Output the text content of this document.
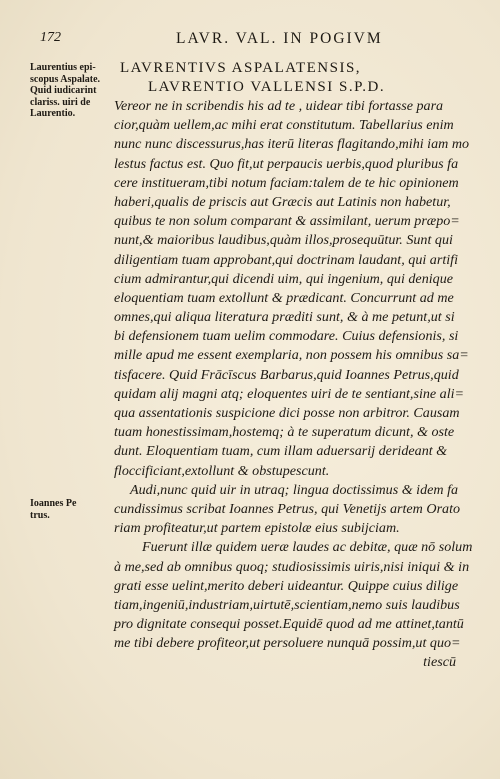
172	LAVR. VAL. IN POGIVM
Laurentius epi-
scopus Aspalate.
Quid iudicarint
clariss. uiri de
Laurentio.
LAVRENTIVS ASPALATENSIS,
LAVRENTIO VALLENSI S.P.D.
Ioannes Pe
trus.
Vereor ne in scribendis his ad te , uidear tibi fortasse para
cior,quàm uellem,ac mihi erat constitutum. Tabellarius enim
nunc nunc discessurus,has iterū literas flagitando,mihi iam mo
lestus factus est. Quo fit,ut perpaucis uerbis,quod pluribus fa
cere institueram,tibi notum faciam:talem de te hic opinionem
haberi,qualis de priscis aut Græcis aut Latinis non habetur,
quibus te non solum comparant & assimilant, uerum præpo=
nunt,& maioribus laudibus,quàm illos,prosequūtur. Sunt qui
diligentiam tuam approbant,qui doctrinam laudant, qui artifi
cium admirantur,qui dicendi uim, qui ingenium, qui denique
eloquentiam tuam extollunt & prædicant. Concurrunt ad me
omnes,qui aliqua literatura præditi sunt, & à me petunt,ut si
bi defensionem tuam uelim commodare. Cuius defensionis, si
mille apud me essent exemplaria, non possem his omnibus sa=
tisfacere. Quid Frācīscus Barbarus,quid Ioannes Petrus,quid
quidam alij magni atq; eloquentes uiri de te sentiant,sine ali=
qua assentationis suspicione dici posse non arbitror. Causam
tuam honestissimam,hostemq; à te superatum dicunt, & oste
dunt. Eloquentiam tuam, cum illam aduersarij derideant &
floccificiant,extollunt & obstupescunt.
Audi,nunc quid uir in utraq; lingua doctissimus & idem fa
cundissimus scribat Ioannes Petrus, qui Venetijs artem Orato
riam profiteatur,ut partem epistolæ eius subijciam.
Fuerunt illæ quidem ueræ laudes ac debitæ, quæ nō solum
à me,sed ab omnibus quoq; studiosissimis uiris,nisi iniqui & in
grati esse uelint,merito deberi uideantur. Quippe cuius dilige
tiam,ingeniū,industriam,uirtutē,scientiam,nemo suis laudibus
pro dignitate consequi posset.Equidē quod ad me attinet,tantū
me tibi debere profiteor,ut persoluere nunquā possim,ut quo=
tiescū
